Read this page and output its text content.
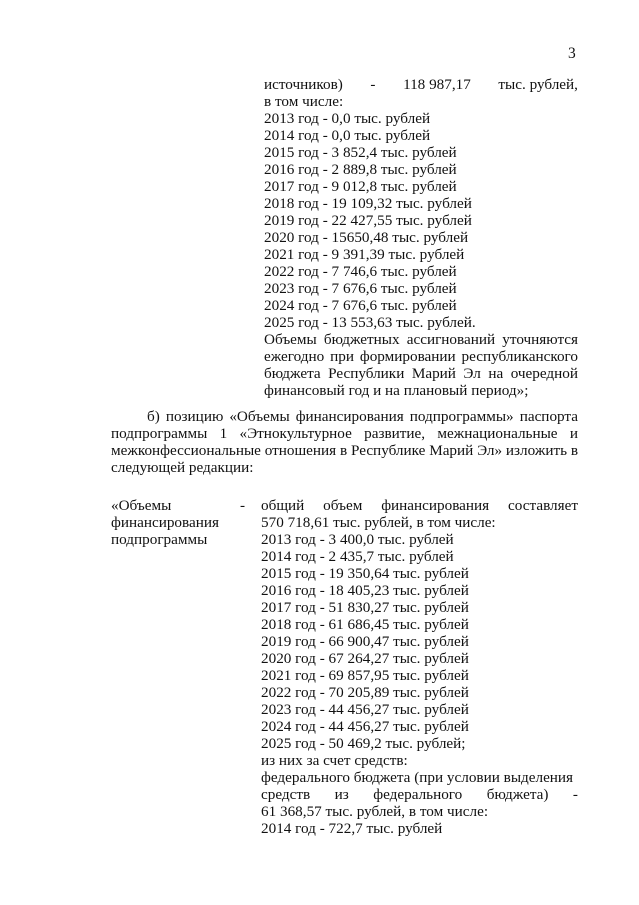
3
источников) - 118 987,17 тыс. рублей,
в том числе:
2013 год - 0,0 тыс. рублей
2014 год - 0,0 тыс. рублей
2015 год - 3 852,4 тыс. рублей
2016 год - 2 889,8 тыс. рублей
2017 год - 9 012,8 тыс. рублей
2018 год - 19 109,32 тыс. рублей
2019 год - 22 427,55 тыс. рублей
2020 год - 15650,48 тыс. рублей
2021 год - 9 391,39 тыс. рублей
2022 год - 7 746,6 тыс. рублей
2023 год - 7 676,6 тыс. рублей
2024 год - 7 676,6 тыс. рублей
2025 год - 13 553,63 тыс. рублей.
Объемы бюджетных ассигнований уточняются ежегодно при формировании республиканского бюджета Республики Марий Эл на очередной финансовый год и на плановый период»;
б) позицию «Объемы финансирования подпрограммы» паспорта подпрограммы 1 «Этнокультурное развитие, межнациональные и межконфессиональные отношения в Республике Марий Эл» изложить в следующей редакции:
«Объемы
финансирования
подпрограммы
- общий объем финансирования составляет
570 718,61 тыс. рублей, в том числе:
2013 год - 3 400,0 тыс. рублей
2014 год - 2 435,7 тыс. рублей
2015 год - 19 350,64 тыс. рублей
2016 год - 18 405,23 тыс. рублей
2017 год - 51 830,27 тыс. рублей
2018 год - 61 686,45 тыс. рублей
2019 год - 66 900,47 тыс. рублей
2020 год - 67 264,27 тыс. рублей
2021 год - 69 857,95 тыс. рублей
2022 год - 70 205,89 тыс. рублей
2023 год - 44 456,27 тыс. рублей
2024 год - 44 456,27 тыс. рублей
2025 год - 50 469,2 тыс. рублей;
из них за счет средств:
федерального бюджета (при условии выделения
средств из федерального бюджета) -
61 368,57 тыс. рублей, в том числе:
2014 год - 722,7 тыс. рублей
